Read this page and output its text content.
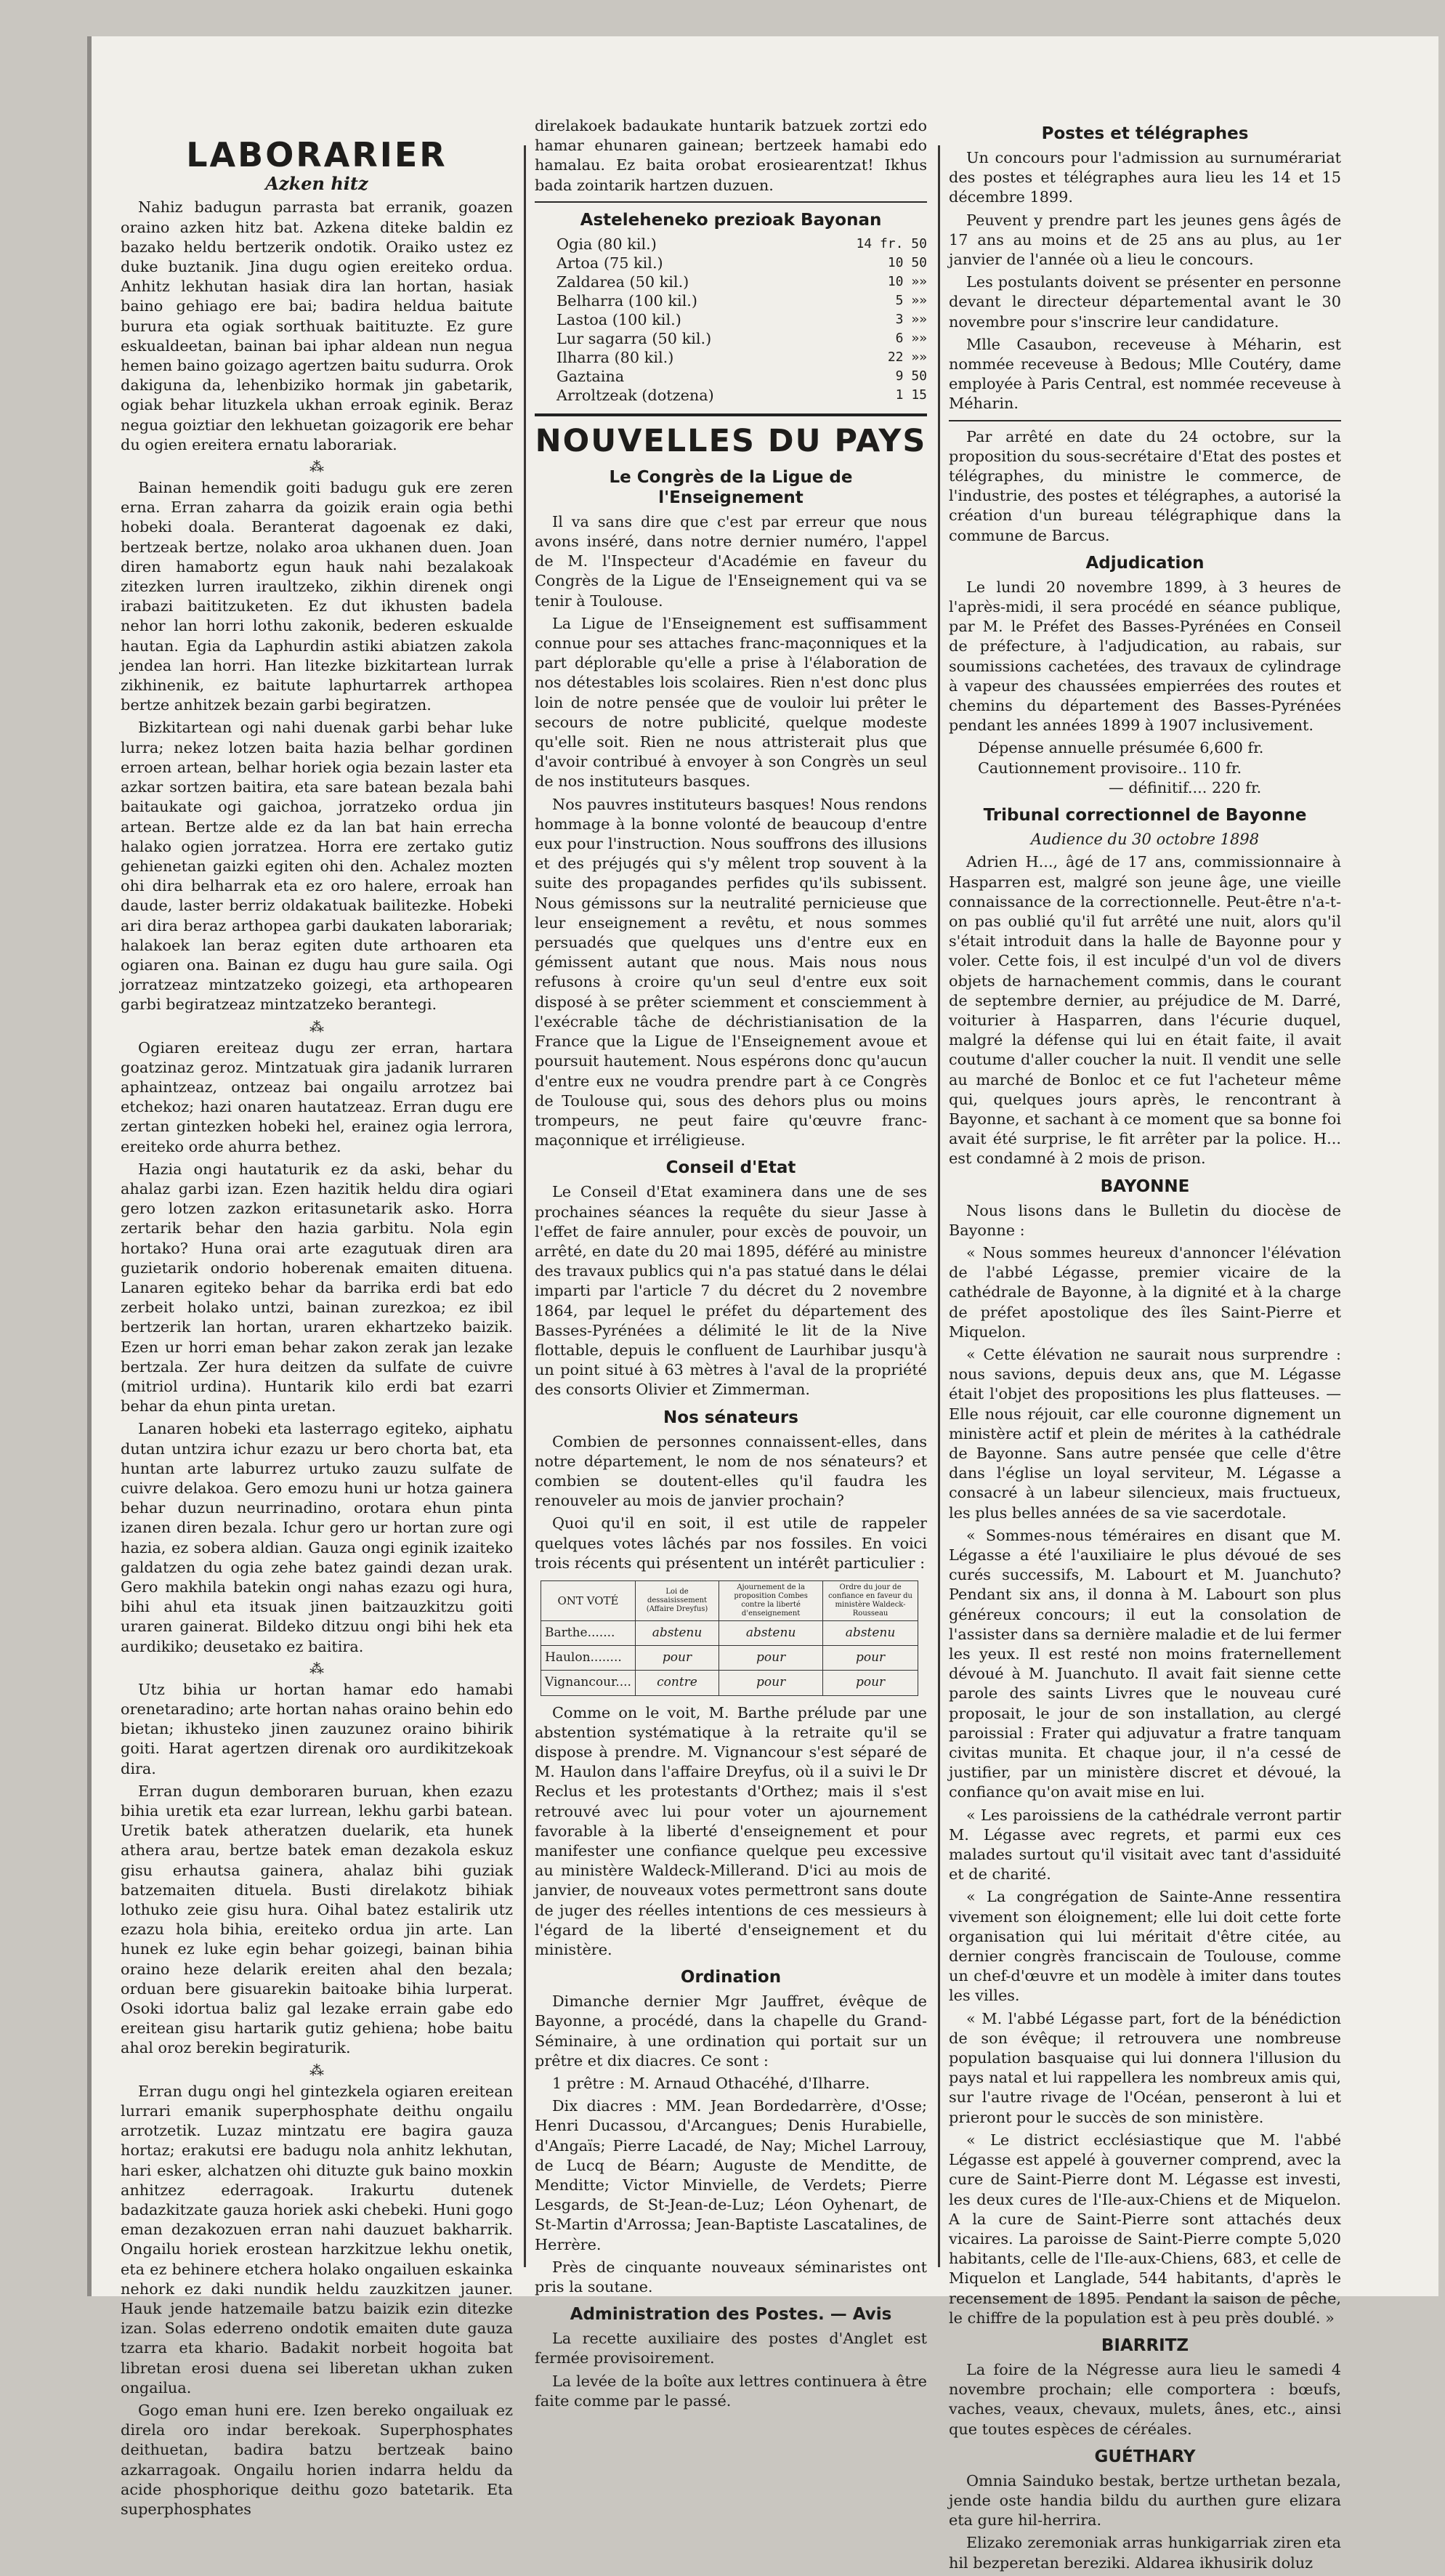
LABORARIER
Azken hitz

Nahiz badugun parrasta bat erranik, goazen oraino azken hitz bat. Azkena diteke baldin ez bazako heldu bertzerik ondotik. Oraiko ustez ez duke buztanik. Jina dugu ogien ereiteko ordua. Anhitz lekhutan hasiak dira lan hortan, hasiak baino gehiago ere bai; badira heldua baitute burura eta ogiak sorthuak baitituzte. Ez gure eskualdeetan, bainan bai iphar aldean nun negua hemen baino goizago agertzen baitu sudurra. Orok dakiguna da, lehenbiziko hormak jin gabetarik, ogiak behar lituzkela ukhan erroak eginik. Beraz negua goiztiar den lekhuetan goizagorik ere behar du ogien ereitera ernatu laborariak.

⁂

Bainan hemendik goiti badugu guk ere zeren erna. Erran zaharra da goizik erain ogia bethi hobeki doala. Beranterat dagoenak ez daki, bertzeak bertze, nolako aroa ukhanen duen. Joan diren hamabortz egun hauk nahi bezalakoak zitezken lurren iraultzeko, zikhin direnek ongi irabazi baititzuketen. Ez dut ikhusten badela nehor lan horri lothu zakonik, bederen eskualde hautan. Egia da Laphurdin astiki abiatzen zakola jendea lan horri. Han litezke bizkitartean lurrak zikhinenik, ez baitute laphurtarrek arthopea bertze anhitzek bezain garbi begiratzen.

Bizkitartean ogi nahi duenak garbi behar luke lurra; nekez lotzen baita hazia belhar gordinen erroen artean, belhar horiek ogia bezain laster eta azkar sortzen baitira, eta sare batean bezala bahi baitaukate ogi gaichoa, jorratzeko ordua jin artean. Bertze alde ez da lan bat hain errecha halako ogien jorratzea. Horra ere zertako gutiz gehienetan gaizki egiten ohi den. Achalez mozten ohi dira belharrak eta ez oro halere, erroak han daude, laster berriz oldakatuak bailitezke. Hobeki ari dira beraz arthopea garbi daukaten laborariak; halakoek lan beraz egiten dute arthoaren eta ogiaren ona. Bainan ez dugu hau gure saila. Ogi jorratzeaz mintzatzeko goizegi, eta arthopearen garbi begiratzeaz mintzatzeko berantegi.

⁂

Ogiaren ereiteaz dugu zer erran, hartara goatzinaz geroz. Mintzatuak gira jadanik lurraren aphaintzeaz, ontzeaz bai ongailu arrotzez bai etchekoz; hazi onaren hautatzeaz. Erran dugu ere zertan gintezken hobeki hel, erainez ogia lerrora, ereiteko orde ahurra bethez.

Hazia ongi hautaturik ez da aski, behar du ahalaz garbi izan. Ezen hazitik heldu dira ogiari gero lotzen zazkon eritasunetarik asko. Horra zertarik behar den hazia garbitu. Nola egin hortako? Huna orai arte ezagutuak diren ara guzietarik ondorio hoberenak emaiten dituena. Lanaren egiteko behar da barrika erdi bat edo zerbeit holako untzi, bainan zurezkoa; ez ibil bertzerik lan hortan, uraren ekhartzeko baizik. Ezen ur horri eman behar zakon zerak jan lezake bertzala. Zer hura deitzen da sulfate de cuivre (mitriol urdina). Huntarik kilo erdi bat ezarri behar da ehun pinta uretan.

Lanaren hobeki eta lasterrago egiteko, aiphatu dutan untzira ichur ezazu ur bero chorta bat, eta huntan arte laburrez urtuko zauzu sulfate de cuivre delakoa. Gero emozu huni ur hotza gainera behar duzun neurrinadino, orotara ehun pinta izanen diren bezala. Ichur gero ur hortan zure ogi hazia, ez sobera aldian. Gauza ongi eginik izaiteko galdatzen du ogia zehe batez gaindi dezan urak. Gero makhila batekin ongi nahas ezazu ogi hura, bihi ahul eta itsuak jinen baitzauzkitzu goiti uraren gainerat. Bildeko ditzuu ongi bihi hek eta aurdikiko; deusetako ez baitira.

⁂

Utz bihia ur hortan hamar edo hamabi orenetaradino; arte hortan nahas oraino behin edo bietan; ikhusteko jinen zauzunez oraino bihirik goiti. Harat agertzen direnak oro aurdikitzekoak dira.

Erran dugun demboraren buruan, khen ezazu bihia uretik eta ezar lurrean, lekhu garbi batean. Uretik batek atheratzen duelarik, eta hunek athera arau, bertze batek eman dezakola eskuz gisu erhautsa gainera, ahalaz bihi guziak batzemaiten dituela. Busti direlakotz bihiak lothuko zeie gisu hura. Oihal batez estalirik utz ezazu hola bihia, ereiteko ordua jin arte. Lan hunek ez luke egin behar goizegi, bainan bihia oraino heze delarik ereiten ahal den bezala; orduan bere gisuarekin baitoake bihia lurperat. Osoki idortua baliz gal lezake errain gabe edo ereitean gisu hartarik gutiz gehiena; hobe baitu ahal oroz berekin begiraturik.

⁂

Erran dugu ongi hel gintezkela ogiaren ereitean lurrari emanik superphosphate deithu ongailu arrotzetik. Luzaz mintzatu ere bagira gauza hortaz; erakutsi ere badugu nola anhitz lekhutan, hari esker, alchatzen ohi dituzte guk baino moxkin anhitzez ederragoak. Irakurtu dutenek badazkitzate gauza horiek aski chebeki. Huni gogo eman dezakozuen erran nahi dauzuet bakharrik. Ongailu horiek erostean harzkitzue lekhu onetik, eta ez behinere etchera holako ongailuen eskainka nehork ez daki nundik heldu zauzkitzen jauner. Hauk jende hatzemaile batzu baizik ezin ditezke izan. Solas ederreno ondotik emaiten dute gauza tzarra eta khario. Badakit norbeit hogoita bat libretan erosi duena sei liberetan ukhan zuken ongailua.

Gogo eman huni ere. Izen bereko ongailuak ez direla oro indar berekoak. Superphosphates deithuetan, badira batzu bertzeak baino azkarragoak. Ongailu horien indarra heldu da acide phosphorique deithu gozo batetarik. Eta superphosphates

direlakoek badaukate huntarik batzuek zortzi edo hamar ehunaren gainean; bertzeek hamabi edo hamalau. Ez baita orobat erosiearentzat! Ikhus bada zointarik hartzen duzuen.

Asteleheneko prezioak Bayonan
Ogia (80 kil.)	14 fr. 50
Artoa (75 kil.)	10 50
Zaldarea (50 kil.)	10 »»
Belharra (100 kil.)	5 »»
Lastoa (100 kil.)	3 »»
Lur sagarra (50 kil.)	6 »»
Ilharra (80 kil.)	22 »»
Gaztaina	9 50
Arroltzeak (dotzena)	1 15
NOUVELLES DU PAYS
Le Congrès de la Ligue de l'Enseignement

Il va sans dire que c'est par erreur que nous avons inséré, dans notre dernier numéro, l'appel de M. l'Inspecteur d'Académie en faveur du Congrès de la Ligue de l'Enseignement qui va se tenir à Toulouse.

La Ligue de l'Enseignement est suffisamment connue pour ses attaches franc-maçonniques et la part déplorable qu'elle a prise à l'élaboration de nos détestables lois scolaires. Rien n'est donc plus loin de notre pensée que de vouloir lui prêter le secours de notre publicité, quelque modeste qu'elle soit. Rien ne nous attristerait plus que d'avoir contribué à envoyer à son Congrès un seul de nos instituteurs basques.

Nos pauvres instituteurs basques! Nous rendons hommage à la bonne volonté de beaucoup d'entre eux pour l'instruction. Nous souffrons des illusions et des préjugés qui s'y mêlent trop souvent à la suite des propagandes perfides qu'ils subissent. Nous gémissons sur la neutralité pernicieuse que leur enseignement a revêtu, et nous sommes persuadés que quelques uns d'entre eux en gémissent autant que nous. Mais nous nous refusons à croire qu'un seul d'entre eux soit disposé à se prêter sciemment et consciemment à l'exécrable tâche de déchristianisation de la France que la Ligue de l'Enseignement avoue et poursuit hautement. Nous espérons donc qu'aucun d'entre eux ne voudra prendre part à ce Congrès de Toulouse qui, sous des dehors plus ou moins trompeurs, ne peut faire qu'œuvre franc-maçonnique et irréligieuse.

Conseil d'Etat

Le Conseil d'Etat examinera dans une de ses prochaines séances la requête du sieur Jasse à l'effet de faire annuler, pour excès de pouvoir, un arrêté, en date du 20 mai 1895, déféré au ministre des travaux publics qui n'a pas statué dans le délai imparti par l'article 7 du décret du 2 novembre 1864, par lequel le préfet du département des Basses-Pyrénées a délimité le lit de la Nive flottable, depuis le confluent de Laurhibar jusqu'à un point situé à 63 mètres à l'aval de la propriété des consorts Olivier et Zimmerman.

Nos sénateurs

Combien de personnes connaissent-elles, dans notre département, le nom de nos sénateurs? et combien se doutent-elles qu'il faudra les renouveler au mois de janvier prochain?

Quoi qu'il en soit, il est utile de rappeler quelques votes lâchés par nos fossiles. En voici trois récents qui présentent un intérêt particulier :

ONT VOTÉ	Loi de dessaisissement (Affaire Dreyfus)	Ajournement de la proposition Combes contre la liberté d'enseignement	Ordre du jour de confiance en faveur du ministère Waldeck-Rousseau
Barthe.......	abstenu	abstenu	abstenu
Haulon........	pour	pour	pour
Vignancour....	contre	pour	pour

Comme on le voit, M. Barthe prélude par une abstention systématique à la retraite qu'il se dispose à prendre. M. Vignancour s'est séparé de M. Haulon dans l'affaire Dreyfus, où il a suivi le Dr Reclus et les protestants d'Orthez; mais il s'est retrouvé avec lui pour voter un ajournement favorable à la liberté d'enseignement et pour manifester une confiance quelque peu excessive au ministère Waldeck-Millerand. D'ici au mois de janvier, de nouveaux votes permettront sans doute de juger des réelles intentions de ces messieurs à l'égard de la liberté d'enseignement et du ministère.

Ordination

Dimanche dernier Mgr Jauffret, évêque de Bayonne, a procédé, dans la chapelle du Grand-Séminaire, à une ordination qui portait sur un prêtre et dix diacres. Ce sont :

1 prêtre : M. Arnaud Othacéhé, d'Ilharre.

Dix diacres : MM. Jean Bordedarrère, d'Osse; Henri Ducassou, d'Arcangues; Denis Hurabielle, d'Angaïs; Pierre Lacadé, de Nay; Michel Larrouy, de Lucq de Béarn; Auguste de Menditte, de Menditte; Victor Minvielle, de Verdets; Pierre Lesgards, de St-Jean-de-Luz; Léon Oyhenart, de St-Martin d'Arrossa; Jean-Baptiste Lascatalines, de Herrère.

Près de cinquante nouveaux séminaristes ont pris la soutane.

Administration des Postes. — Avis

La recette auxiliaire des postes d'Anglet est fermée provisoirement.

La levée de la boîte aux lettres continuera à être faite comme par le passé.

Postes et télégraphes

Un concours pour l'admission au surnumérariat des postes et télégraphes aura lieu les 14 et 15 décembre 1899.

Peuvent y prendre part les jeunes gens âgés de 17 ans au moins et de 25 ans au plus, au 1er janvier de l'année où a lieu le concours.

Les postulants doivent se présenter en personne devant le directeur départemental avant le 30 novembre pour s'inscrire leur candidature.

Mlle Casaubon, receveuse à Méharin, est nommée receveuse à Bedous; Mlle Coutéry, dame employée à Paris Central, est nommée receveuse à Méharin.

Par arrêté en date du 24 octobre, sur la proposition du sous-secrétaire d'Etat des postes et télégraphes, du ministre le commerce, de l'industrie, des postes et télégraphes, a autorisé la création d'un bureau télégraphique dans la commune de Barcus.

Adjudication

Le lundi 20 novembre 1899, à 3 heures de l'après-midi, il sera procédé en séance publique, par M. le Préfet des Basses-Pyrénées en Conseil de préfecture, à l'adjudication, au rabais, sur soumissions cachetées, des travaux de cylindrage à vapeur des chaussées empierrées des routes et chemins du département des Basses-Pyrénées pendant les années 1899 à 1907 inclusivement.

Dépense annuelle présumée 6,600 fr.
Cautionnement provisoire.. 110 fr.
— définitif.... 220 fr.
Tribunal correctionnel de Bayonne
Audience du 30 octobre 1898

Adrien H..., âgé de 17 ans, commissionnaire à Hasparren est, malgré son jeune âge, une vieille connaissance de la correctionnelle. Peut-être n'a-t-on pas oublié qu'il fut arrêté une nuit, alors qu'il s'était introduit dans la halle de Bayonne pour y voler. Cette fois, il est inculpé d'un vol de divers objets de harnachement commis, dans le courant de septembre dernier, au préjudice de M. Darré, voiturier à Hasparren, dans l'écurie duquel, malgré la défense qui lui en était faite, il avait coutume d'aller coucher la nuit. Il vendit une selle au marché de Bonloc et ce fut l'acheteur même qui, quelques jours après, le rencontrant à Bayonne, et sachant à ce moment que sa bonne foi avait été surprise, le fit arrêter par la police. H... est condamné à 2 mois de prison.

BAYONNE

Nous lisons dans le Bulletin du diocèse de Bayonne :

« Nous sommes heureux d'annoncer l'élévation de l'abbé Légasse, premier vicaire de la cathédrale de Bayonne, à la dignité et à la charge de préfet apostolique des îles Saint-Pierre et Miquelon.

« Cette élévation ne saurait nous surprendre : nous savions, depuis deux ans, que M. Légasse était l'objet des propositions les plus flatteuses. — Elle nous réjouit, car elle couronne dignement un ministère actif et plein de mérites à la cathédrale de Bayonne. Sans autre pensée que celle d'être dans l'église un loyal serviteur, M. Légasse a consacré à un labeur silencieux, mais fructueux, les plus belles années de sa vie sacerdotale.

« Sommes-nous téméraires en disant que M. Légasse a été l'auxiliaire le plus dévoué de ses curés successifs, M. Labourt et M. Juanchuto? Pendant six ans, il donna à M. Labourt son plus généreux concours; il eut la consolation de l'assister dans sa dernière maladie et de lui fermer les yeux. Il est resté non moins fraternellement dévoué à M. Juanchuto. Il avait fait sienne cette parole des saints Livres que le nouveau curé proposait, le jour de son installation, au clergé paroissial : Frater qui adjuvatur a fratre tanquam civitas munita. Et chaque jour, il n'a cessé de justifier, par un ministère discret et dévoué, la confiance qu'on avait mise en lui.

« Les paroissiens de la cathédrale verront partir M. Légasse avec regrets, et parmi eux ces malades surtout qu'il visitait avec tant d'assiduité et de charité.

« La congrégation de Sainte-Anne ressentira vivement son éloignement; elle lui doit cette forte organisation qui lui méritait d'être citée, au dernier congrès franciscain de Toulouse, comme un chef-d'œuvre et un modèle à imiter dans toutes les villes.

« M. l'abbé Légasse part, fort de la bénédiction de son évêque; il retrouvera une nombreuse population basquaise qui lui donnera l'illusion du pays natal et lui rappellera les nombreux amis qui, sur l'autre rivage de l'Océan, penseront à lui et prieront pour le succès de son ministère.

« Le district ecclésiastique que M. l'abbé Légasse est appelé à gouverner comprend, avec la cure de Saint-Pierre dont M. Légasse est investi, les deux cures de l'Ile-aux-Chiens et de Miquelon. A la cure de Saint-Pierre sont attachés deux vicaires. La paroisse de Saint-Pierre compte 5,020 habitants, celle de l'Ile-aux-Chiens, 683, et celle de Miquelon et Langlade, 544 habitants, d'après le recensement de 1895. Pendant la saison de pêche, le chiffre de la population est à peu près doublé. »

BIARRITZ

La foire de la Négresse aura lieu le samedi 4 novembre prochain; elle comportera : bœufs, vaches, veaux, chevaux, mulets, ânes, etc., ainsi que toutes espèces de céréales.

GUÉTHARY

Omnia Sainduko bestak, bertze urthetan bezala, jende oste handia bildu du aurthen gure elizara eta gure hil-herrira.

Elizako zeremoniak arras hunkigarriak ziren eta hil bezperetan bereziki. Aldarea ikhusirik doluz
